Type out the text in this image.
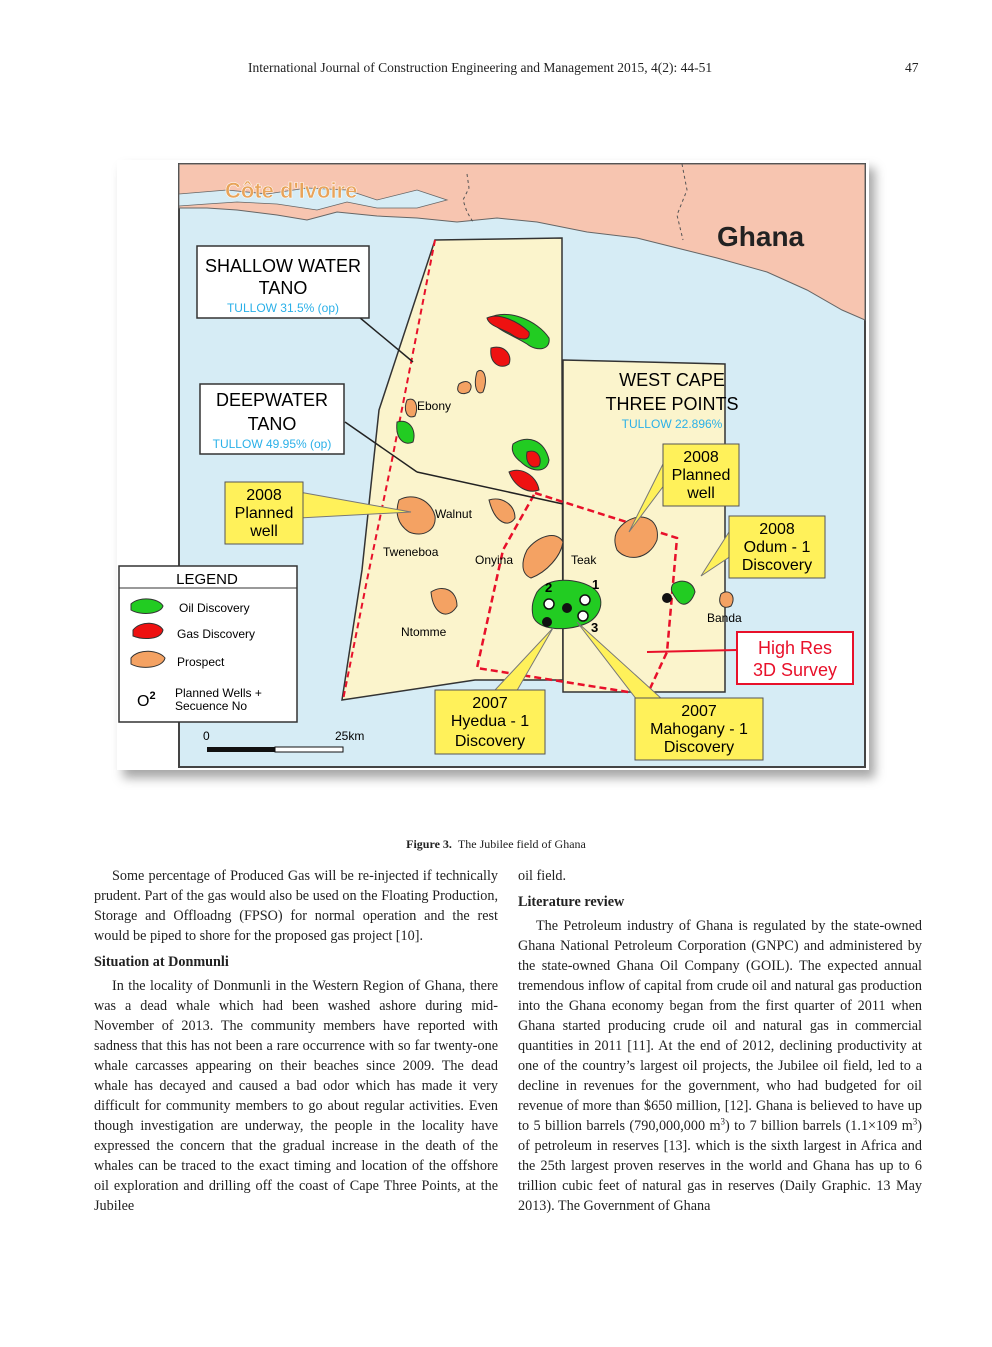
International Journal of Construction Engineering and Management 2015, 4(2): 44-51	47
Côte d'Ivoire
Ghana
1
2
3
Ebony
Walnut
Tweneboa
Onyina	Teak
Ntomme
Banda
SHALLOW WATER
TANO
TULLOW 31.5% (op)
DEEPWATER
TANO
TULLOW 49.95% (op)
WEST CAPE
THREE POINTS
TULLOW 22.896%
2008
Planned
well
2008
Planned
well
2008
Odum - 1
Discovery
2007
Hyedua - 1
Discovery
2007
Mahogany - 1
Discovery
High Res
3D Survey
LEGEND
Oil Discovery
Gas Discovery
Prospect
$O^2$ Planned Wells +
Secuence No
0	25km
Figure 3. The Jubilee field of Ghana

Some percentage of Produced Gas will be re-injected if technically prudent. Part of the gas would also be used on the Floating Production, Storage and Offloadng (FPSO) for normal operation and the rest would be piped to shore for the proposed gas project [10].

Situation at Donmunli

In the locality of Donmunli in the Western Region of Ghana, there was a dead whale which had been washed ashore during mid-November of 2013. The community members have reported with sadness that this has not been a rare occurrence with so far twenty-one whale carcasses appearing on their beaches since 2009. The dead whale has decayed and caused a bad odor which has made it very difficult for community members to go about regular activities. Even though investigation are underway, the people in the locality have expressed the concern that the gradual increase in the death of the whales can be traced to the exact timing and location of the offshore oil exploration and drilling off the coast of Cape Three Points, at the Jubilee

oil field.

Literature review

The Petroleum industry of Ghana is regulated by the state-owned Ghana National Petroleum Corporation (GNPC) and administered by the state-owned Ghana Oil Company (GOIL). The expected annual tremendous inflow of capital from crude oil and natural gas production into the Ghana economy began from the first quarter of 2011 when Ghana started producing crude oil and natural gas in commercial quantities in 2011 [11]. At the end of 2012, declining productivity at one of the country’s largest oil projects, the Jubilee oil field, led to a decline in revenues for the government, who had budgeted for oil revenue of more than $650 million, [12]. Ghana is believed to have up to 5 billion barrels (790,000,000 $m^3$) to 7 billion barrels (1.1×109 $m^3$) of petroleum in reserves [13]. which is the sixth largest in Africa and the 25th largest proven reserves in the world and Ghana has up to 6 trillion cubic feet of natural gas in reserves (Daily Graphic. 13 May 2013). The Government of Ghana
